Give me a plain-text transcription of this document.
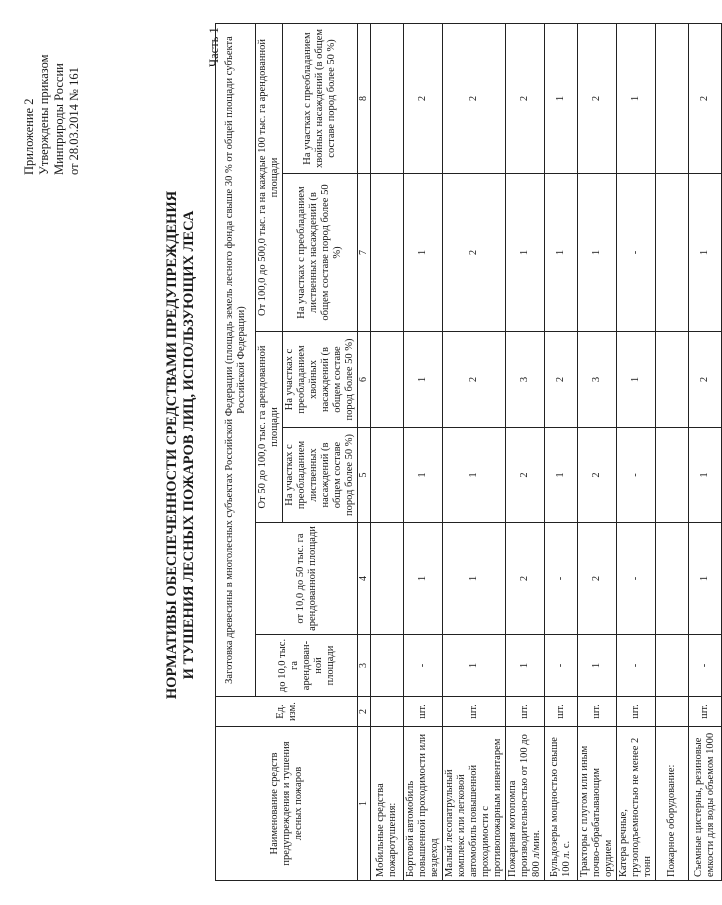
Приложение 2 Утверждены приказом Минприроды России от 28.03.2014 № 161
Часть 1
НОРМАТИВЫ ОБЕСПЕЧЕННОСТИ СРЕДСТВАМИ ПРЕДУПРЕЖДЕНИЯ И ТУШЕНИЯ ЛЕСНЫХ ПОЖАРОВ ЛИЦ, ИСПОЛЬЗУЮЩИХ ЛЕСА
Наименование средств предупреждения и тушения лесных пожаров	Ед. изм.	Заготовка древесины в многолесных субъектах Российской Федерации (площадь земель лесного фонда свыше 30 % от общей площади субъекта Российской Федерации)					
		до 10,0 тыс. га арендован-ной площади	от 10,0 до 50 тыс. га арендованной площади	От 50 до 100,0 тыс. га арендованной площади		От 100,0 до 500,0 тыс. га на каждые 100 тыс. га арендованной площади	
				На участках с преобладанием лиственных насаждений (в общем составе пород более 50 %)	На участках с преобладанием хвойных насаждений (в общем составе пород более 50 %)	На участках с преобладанием лиственных насаждений (в общем составе пород более 50 %)	На участках с преобладанием хвойных насаждений (в общем составе пород более 50 %)
1	2	3	4	5	6	7	8
Мобильные средства пожаротушения:							
Бортовой автомобиль повышенной проходимости или вездеход	шт.	-	1	1	1	1	2
Малый лесопатрульный комплекс или легковой автомобиль повышенной проходимости с противопожарным инвентарем	шт.	1	1	1	2	2	2
Пожарная мотопомпа производительностью от 100 до 800 л/мин.	шт.	1	2	2	3	1	2
Бульдозеры мощностью свыше 100 л. с.	шт.	-	-	1	2	1	1
Тракторы с плугом или иным почво-обрабатывающим орудием	шт.	1	2	2	3	1	2
Катера речные, грузоподъемностью не менее 2 тонн	шт.	-	-	-	1	-	1
Пожарное оборудование:							
Съемные цистерны, резиновые емкости для воды объемом 1000	шт.	-	1	1	2	1	2
